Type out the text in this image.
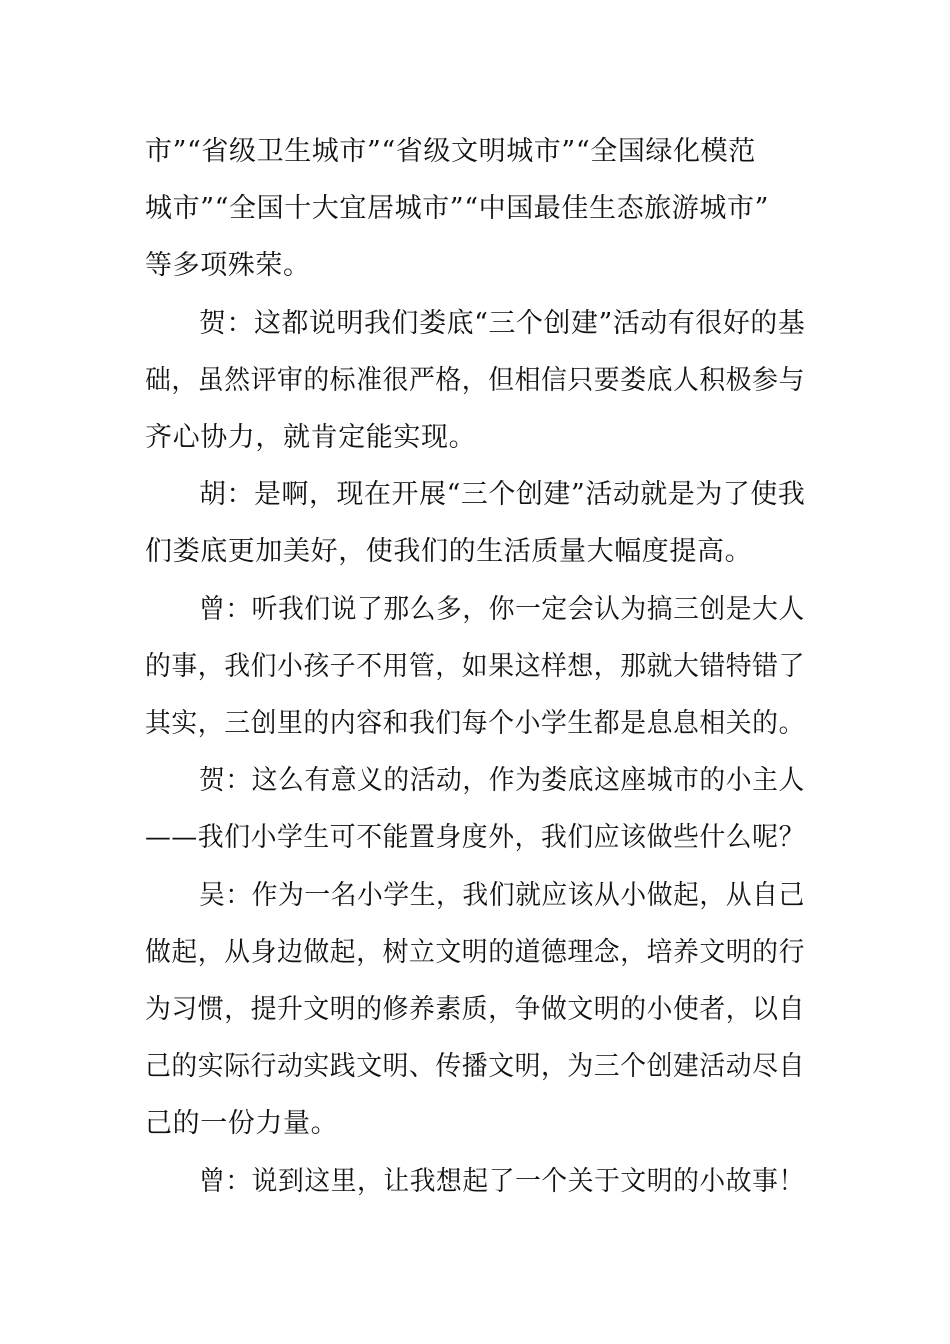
市”“省级卫生城市”“省级文明城市”“全国绿化模范
城市”“全国十大宜居城市”“中国最佳生态旅游城市”
等多项殊荣。
贺：这都说明我们娄底“三个创建”活动有很好的基
础，虽然评审的标准很严格，但相信只要娄底人积极参与
齐心协力，就肯定能实现。
胡：是啊，现在开展“三个创建”活动就是为了使我
们娄底更加美好，使我们的生活质量大幅度提高。
曾：听我们说了那么多，你一定会认为搞三创是大人
的事，我们小孩子不用管，如果这样想，那就大错特错了
其实，三创里的内容和我们每个小学生都是息息相关的。
贺：这么有意义的活动，作为娄底这座城市的小主人
——我们小学生可不能置身度外，我们应该做些什么呢？
吴：作为一名小学生，我们就应该从小做起，从自己
做起，从身边做起，树立文明的道德理念，培养文明的行
为习惯，提升文明的修养素质，争做文明的小使者，以自
己的实际行动实践文明、传播文明，为三个创建活动尽自
己的一份力量。
曾：说到这里，让我想起了一个关于文明的小故事！
